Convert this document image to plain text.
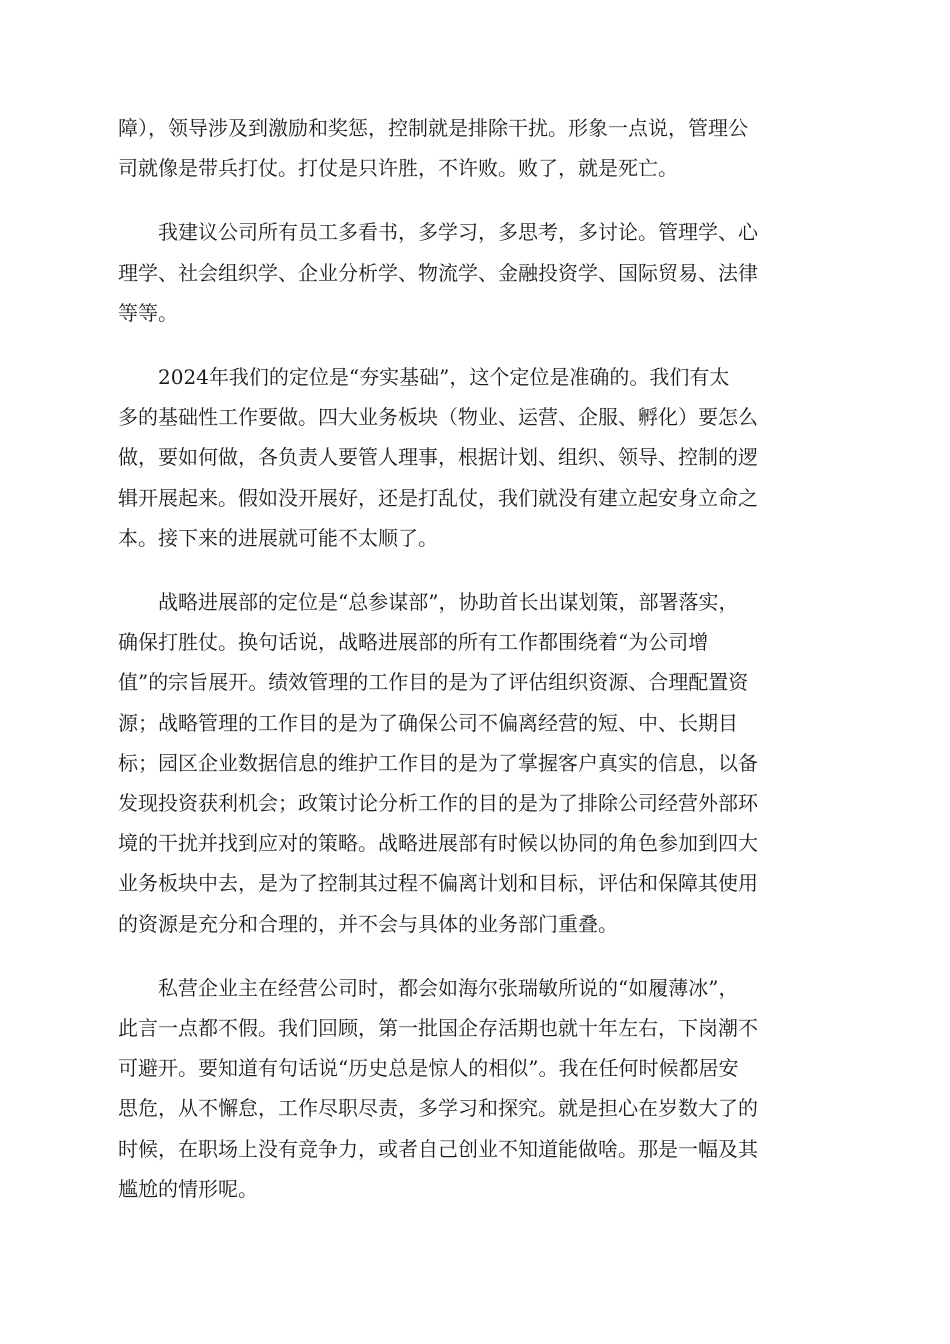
障），领导涉及到激励和奖惩，控制就是排除干扰。形象一点说，管理公
司就像是带兵打仗。打仗是只许胜，不许败。败了，就是死亡。

我建议公司所有员工多看书，多学习，多思考，多讨论。管理学、心
理学、社会组织学、企业分析学、物流学、金融投资学、国际贸易、法律
等等。

2024年我们的定位是“夯实基础”，这个定位是准确的。我们有太
多的基础性工作要做。四大业务板块（物业、运营、企服、孵化）要怎么
做，要如何做，各负责人要管人理事，根据计划、组织、领导、控制的逻
辑开展起来。假如没开展好，还是打乱仗，我们就没有建立起安身立命之
本。接下来的进展就可能不太顺了。

战略进展部的定位是“总参谋部”，协助首长出谋划策，部署落实，
确保打胜仗。换句话说，战略进展部的所有工作都围绕着“为公司增
值”的宗旨展开。绩效管理的工作目的是为了评估组织资源、合理配置资
源；战略管理的工作目的是为了确保公司不偏离经营的短、中、长期目
标；园区企业数据信息的维护工作目的是为了掌握客户真实的信息，以备
发现投资获利机会；政策讨论分析工作的目的是为了排除公司经营外部环
境的干扰并找到应对的策略。战略进展部有时候以协同的角色参加到四大
业务板块中去，是为了控制其过程不偏离计划和目标，评估和保障其使用
的资源是充分和合理的，并不会与具体的业务部门重叠。

私营企业主在经营公司时，都会如海尔张瑞敏所说的“如履薄冰”，
此言一点都不假。我们回顾，第一批国企存活期也就十年左右，下岗潮不
可避开。要知道有句话说“历史总是惊人的相似”。我在任何时候都居安
思危，从不懈怠，工作尽职尽责，多学习和探究。就是担心在岁数大了的
时候，在职场上没有竞争力，或者自己创业不知道能做啥。那是一幅及其
尴尬的情形呢。
